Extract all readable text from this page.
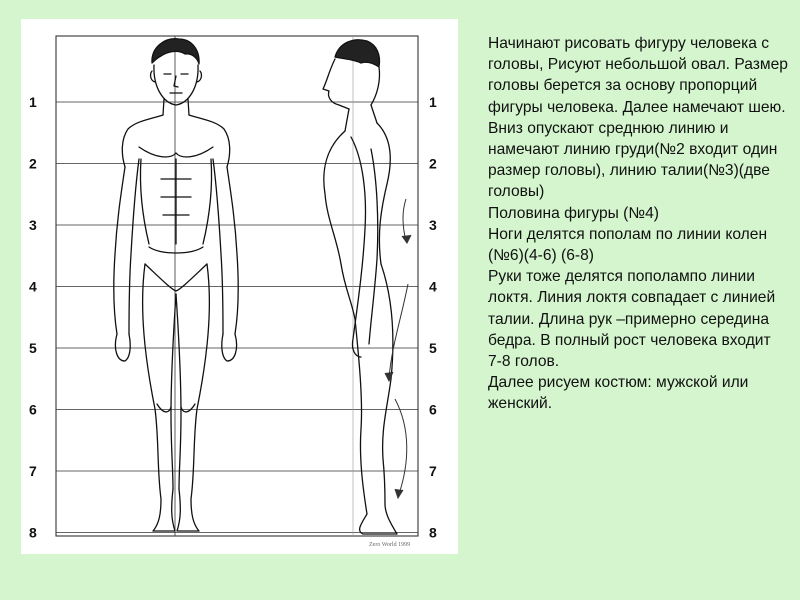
1
2
3
4
5
6
7
8
1
2
3
4
5
6
7
8
Zero World 1999

Начинают рисовать фигуру человека с головы, Рисуют небольшой овал. Размер головы берется за основу пропорций фигуры человека. Далее намечают шею. Вниз опускают среднюю линию и намечают линию груди(№2 входит один размер головы), линию талии(№3)(две головы)

Половина фигуры (№4)

Ноги делятся пополам по линии колен (№6)(4-6) (6-8)

Руки тоже делятся пополампо линии локтя. Линия локтя совпадает с линией талии. Длина рук –примерно середина бедра. В полный рост человека входит 7-8 голов.

Далее рисуем костюм: мужской или женский.
